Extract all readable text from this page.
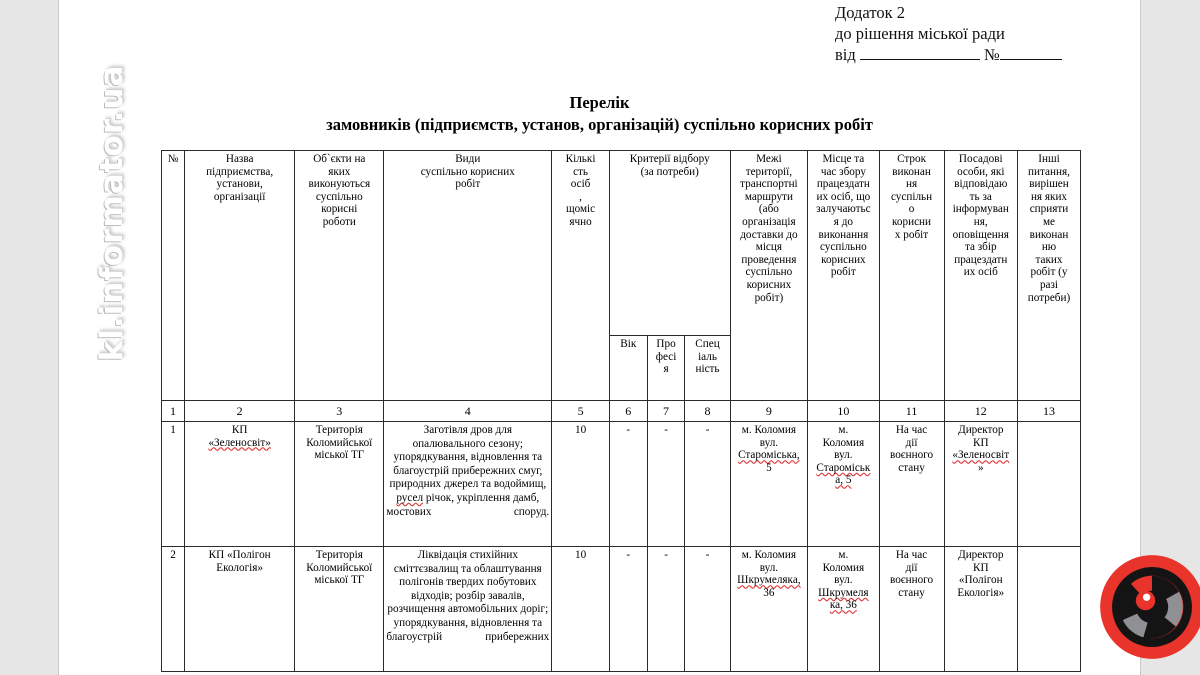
kl.informator.ua
Додаток 2
до рішення міської ради
від	№
Перелік
замовників (підприємств, установ, організацій) суспільно корисних робіт
№	Назва
підприємства,
установи,
організації	Об`єкти на
яких
виконуються
суспільно
корисні
роботи	Види
суспільно корисних
робіт	Кількі
сть
осіб
,
щоміс
ячно	Критерії відбору
(за потреби)	Межі
території,
транспортні
маршрути
(або
організація
доставки до
місця
проведення
суспільно
корисних
робіт)	Місце та
час збору
працездатн
их осіб, що
залучаютьс
я до
виконання
суспільно
корисних
робіт	Строк
виконан
ня
суспільн
о
корисни
х робіт	Посадові
особи, які
відповідаю
ть за
інформуван
ня,
оповіщення
та збір
працездатн
их осіб	Інші
питання,
вирішен
ня яких
сприяти
ме
виконан
ню
таких
робіт (у
разі
потреби)
					Вік	Про
фесі
я	Спец
іаль
ність					
1	2	3	4	5	6	7	8	9	10	11	12	13
1	КП
«Зеленосвіт»	Територія
Коломийської
міської ТГ	Заготівля дров для опалювального сезону; упорядкування, відновлення та благоустрій прибережних смуг, природних джерел та водоймищ, русел річок, укріплення дамб, мостових споруд.	10	-	-	-	м. Коломия
вул.
Старомiська,
5	м.
Коломия
вул.
Старомiськ
а, 5	На час
дії
воєнного
стану	Директор
КП
«Зеленосвіт
»	
2	КП «Полігон
Екологія»	Територія
Коломийської
міської ТГ	Ліквідація стихійних сміттєзвалищ та облаштування полігонів твердих побутових відходів; розбір завалів, розчищення автомобільних доріг; упорядкування, відновлення та благоустрій прибережних	10	-	-	-	м. Коломия
вул.
Шкрумеляка,
36	м.
Коломия
вул.
Шкрумеля
ка, 36	На час
дії
воєнного
стану	Директор
КП
«Полігон
Екологія»	
